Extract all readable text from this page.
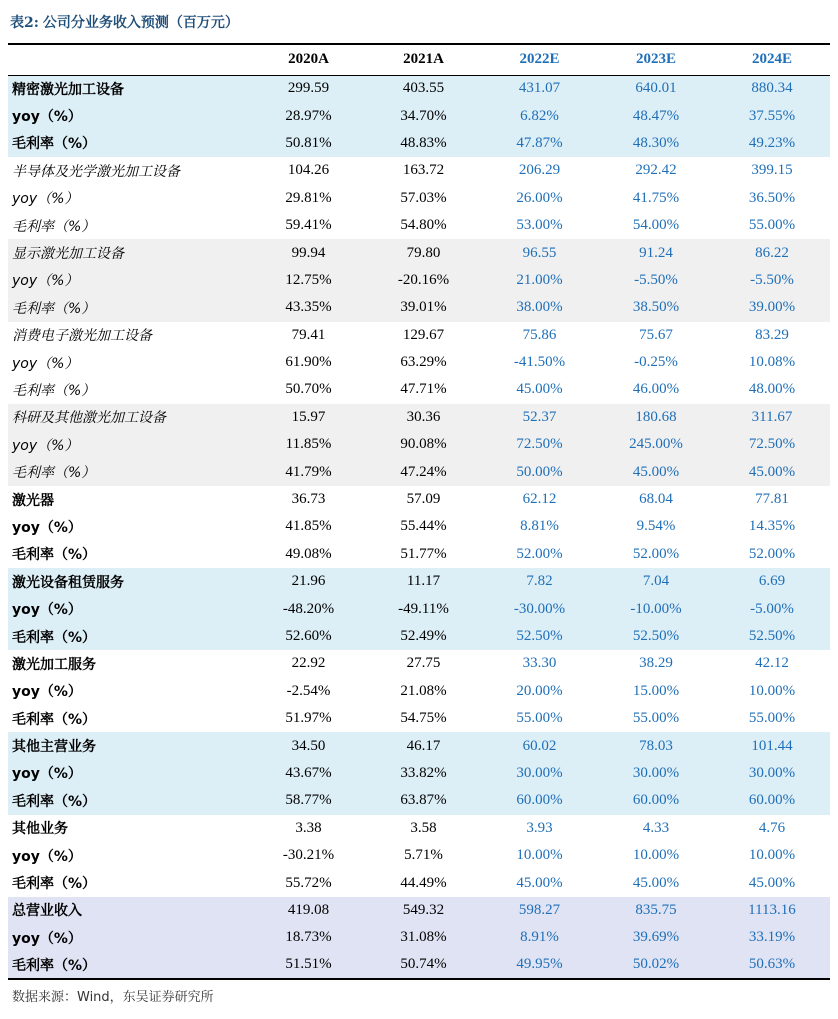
表2: 公司分业务收入预测（百万元）
	2020A	2021A	2022E	2023E	2024E
精密激光加工设备	299.59	403.55	431.07	640.01	880.34
yoy（%）	28.97%	34.70%	6.82%	48.47%	37.55%
毛利率（%）	50.81%	48.83%	47.87%	48.30%	49.23%
半导体及光学激光加工设备	104.26	163.72	206.29	292.42	399.15
yoy（%）	29.81%	57.03%	26.00%	41.75%	36.50%
毛利率（%）	59.41%	54.80%	53.00%	54.00%	55.00%
显示激光加工设备	99.94	79.80	96.55	91.24	86.22
yoy（%）	12.75%	-20.16%	21.00%	-5.50%	-5.50%
毛利率（%）	43.35%	39.01%	38.00%	38.50%	39.00%
消费电子激光加工设备	79.41	129.67	75.86	75.67	83.29
yoy（%）	61.90%	63.29%	-41.50%	-0.25%	10.08%
毛利率（%）	50.70%	47.71%	45.00%	46.00%	48.00%
科研及其他激光加工设备	15.97	30.36	52.37	180.68	311.67
yoy（%）	11.85%	90.08%	72.50%	245.00%	72.50%
毛利率（%）	41.79%	47.24%	50.00%	45.00%	45.00%
激光器	36.73	57.09	62.12	68.04	77.81
yoy（%）	41.85%	55.44%	8.81%	9.54%	14.35%
毛利率（%）	49.08%	51.77%	52.00%	52.00%	52.00%
激光设备租赁服务	21.96	11.17	7.82	7.04	6.69
yoy（%）	-48.20%	-49.11%	-30.00%	-10.00%	-5.00%
毛利率（%）	52.60%	52.49%	52.50%	52.50%	52.50%
激光加工服务	22.92	27.75	33.30	38.29	42.12
yoy（%）	-2.54%	21.08%	20.00%	15.00%	10.00%
毛利率（%）	51.97%	54.75%	55.00%	55.00%	55.00%
其他主营业务	34.50	46.17	60.02	78.03	101.44
yoy（%）	43.67%	33.82%	30.00%	30.00%	30.00%
毛利率（%）	58.77%	63.87%	60.00%	60.00%	60.00%
其他业务	3.38	3.58	3.93	4.33	4.76
yoy（%）	-30.21%	5.71%	10.00%	10.00%	10.00%
毛利率（%）	55.72%	44.49%	45.00%	45.00%	45.00%
总营业收入	419.08	549.32	598.27	835.75	1113.16
yoy（%）	18.73%	31.08%	8.91%	39.69%	33.19%
毛利率（%）	51.51%	50.74%	49.95%	50.02%	50.63%
数据来源：Wind，东吴证券研究所
